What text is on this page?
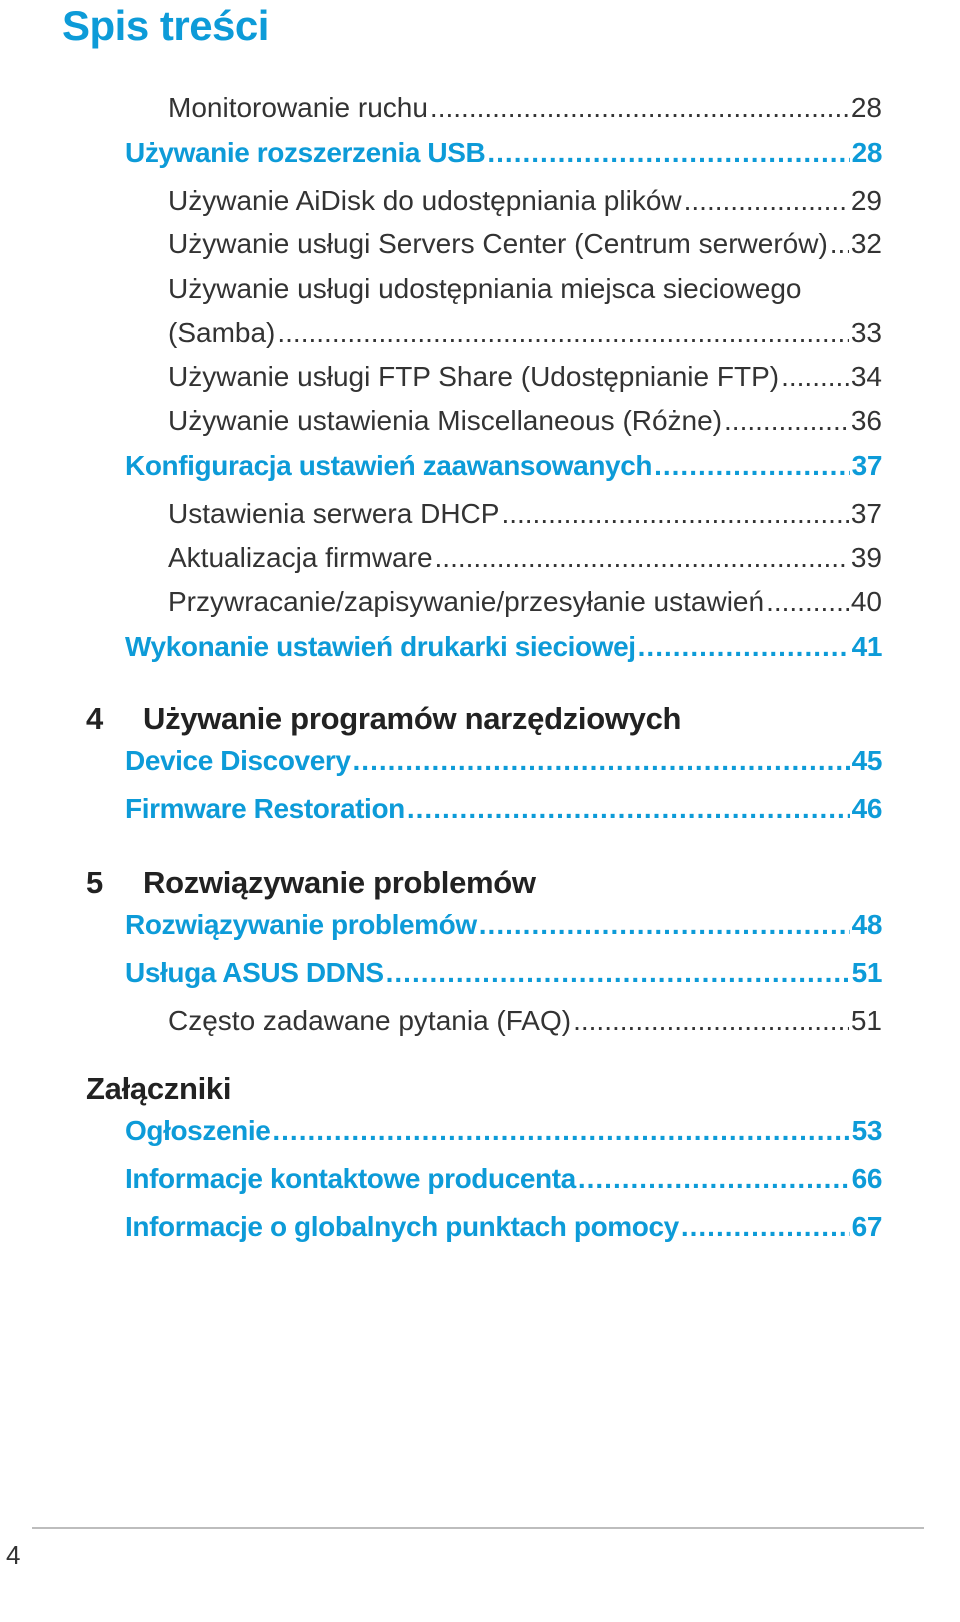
Spis treści
Monitorowanie ruchu .....	28
Używanie rozszerzenia USB .....	28
Używanie AiDisk do udostępniania plików .....	29
Używanie usługi Servers Center (Centrum serwerów) ..... 32
Używanie usługi udostępniania miejsca sieciowego
(Samba) .....	33
Używanie usługi FTP Share (Udostępnianie FTP) .....	34
Używanie ustawienia Miscellaneous (Różne) .....	36
Konfiguracja ustawień zaawansowanych .....	37
Ustawienia serwera DHCP .....	37
Aktualizacja firmware .....	39
Przywracanie/zapisywanie/przesyłanie ustawień .....	40
Wykonanie ustawień drukarki sieciowej .....	41
4	Używanie programów narzędziowych
Device Discovery .....	45
Firmware Restoration .....	46
5	Rozwiązywanie problemów
Rozwiązywanie problemów .....	48
Usługa ASUS DDNS .....	51
Często zadawane pytania (FAQ) .....	51
Załączniki
Ogłoszenie .....	53
Informacje kontaktowe producenta .....	66
Informacje o globalnych punktach pomocy .....	67
4
